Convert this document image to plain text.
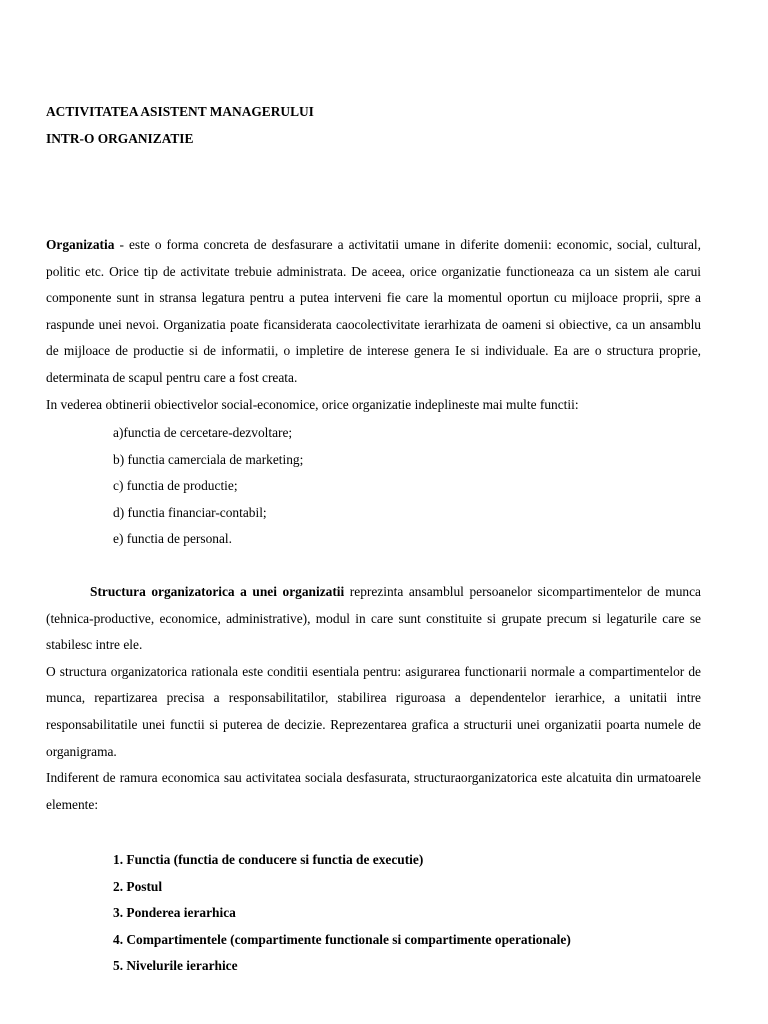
ACTIVITATEA ASISTENT MANAGERULUI
INTR-O ORGANIZATIE

Organizatia - este o forma concreta de desfasurare a activitatii umane in diferite domenii: economic, social, cultural, politic etc. Orice tip de activitate trebuie administrata. De aceea, orice organizatie functioneaza ca un sistem ale carui componente sunt in stransa legatura pentru a putea interveni fie care la momentul oportun cu mijloace proprii, spre a raspunde unei nevoi. Organizatia poate ficansiderata caocolectivitate ierarhizata de oameni si obiective, ca un ansamblu de mijloace de productie si de informatii, o impletire de interese genera Ie si individuale. Ea are o structura proprie, determinata de scapul pentru care a fost creata.

In vederea obtinerii obiectivelor social-economice, orice organizatie indeplineste mai multe functii:

a)functia de cercetare-dezvoltare;
b) functia camerciala de marketing;
c) functia de productie;
d) functia financiar-contabil;
e) functia de personal.

Structura organizatorica a unei organizatii reprezinta ansamblul persoanelor sicompartimentelor de munca (tehnica-productive, economice, administrative), modul in care sunt constituite si grupate precum si legaturile care se stabilesc intre ele.

O structura organizatorica rationala este conditii esentiala pentru: asigurarea functionarii normale a compartimentelor de munca, repartizarea precisa a responsabilitatilor, stabilirea riguroasa a dependentelor ierarhice, a unitatii intre responsabilitatile unei functii si puterea de decizie. Reprezentarea grafica a structurii unei organizatii poarta numele de organigrama.

Indiferent de ramura economica sau activitatea sociala desfasurata, structuraorganizatorica este alcatuita din urmatoarele elemente:

1. Functia (functia de conducere si functia de executie)
2. Postul
3. Ponderea ierarhica
4. Compartimentele (compartimente functionale si compartimente operationale)
5. Nivelurile ierarhice
